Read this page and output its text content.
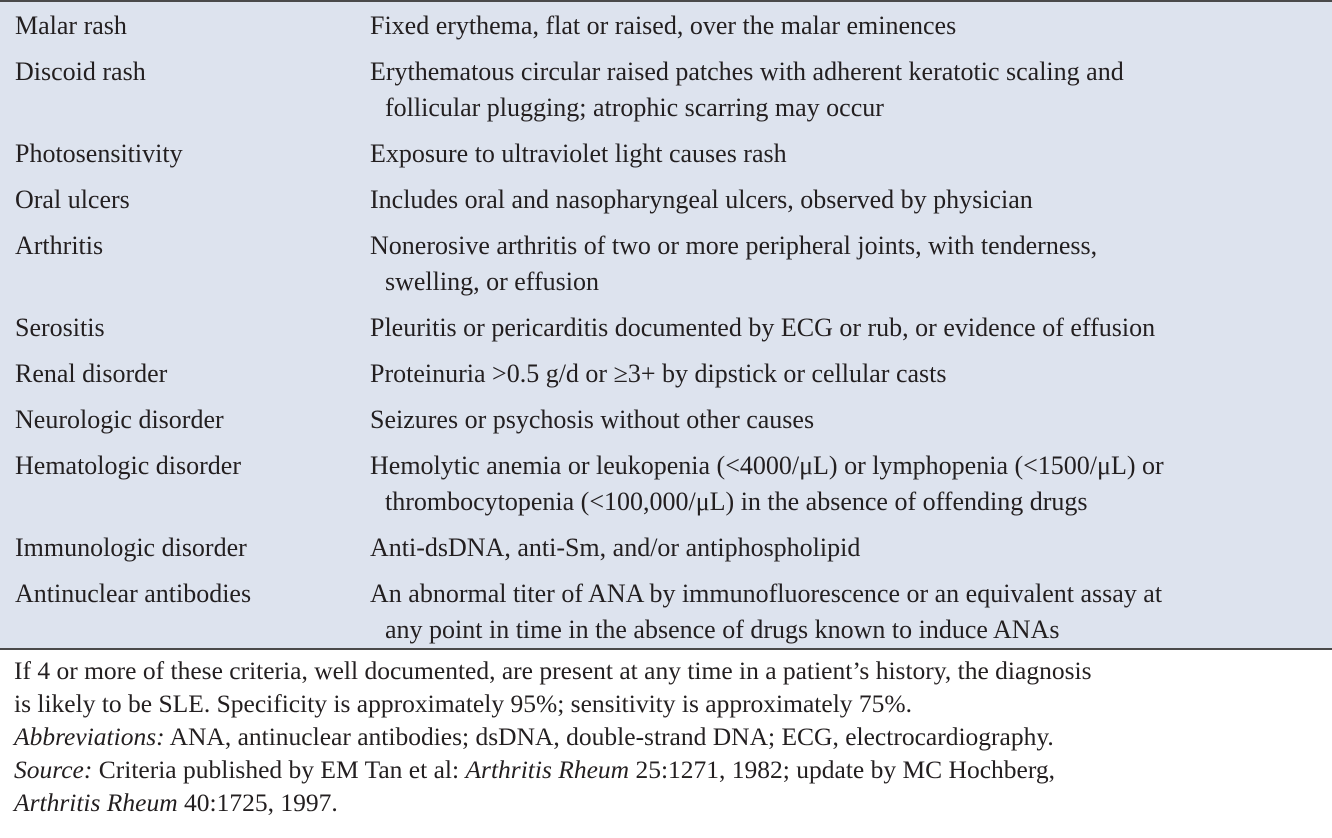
Malar rash	Fixed erythema, flat or raised, over the malar eminences
Discoid rash	Erythematous circular raised patches with adherent keratotic scaling and
follicular plugging; atrophic scarring may occur
Photosensitivity	Exposure to ultraviolet light causes rash
Oral ulcers	Includes oral and nasopharyngeal ulcers, observed by physician
Arthritis	Nonerosive arthritis of two or more peripheral joints, with tenderness,
swelling, or effusion
Serositis	Pleuritis or pericarditis documented by ECG or rub, or evidence of effusion
Renal disorder	Proteinuria >0.5 g/d or ≥3+ by dipstick or cellular casts
Neurologic disorder	Seizures or psychosis without other causes
Hematologic disorder	Hemolytic anemia or leukopenia (<4000/μL) or lymphopenia (<1500/μL) or
thrombocytopenia (<100,000/μL) in the absence of offending drugs
Immunologic disorder	Anti-dsDNA, anti-Sm, and/or antiphospholipid
Antinuclear antibodies	An abnormal titer of ANA by immunofluorescence or an equivalent assay at
any point in time in the absence of drugs known to induce ANAs
If 4 or more of these criteria, well documented, are present at any time in a patient’s history, the diagnosis
is likely to be SLE. Specificity is approximately 95%; sensitivity is approximately 75%.
Abbreviations: ANA, antinuclear antibodies; dsDNA, double-strand DNA; ECG, electrocardiography.
Source: Criteria published by EM Tan et al: Arthritis Rheum 25:1271, 1982; update by MC Hochberg,
Arthritis Rheum 40:1725, 1997.
